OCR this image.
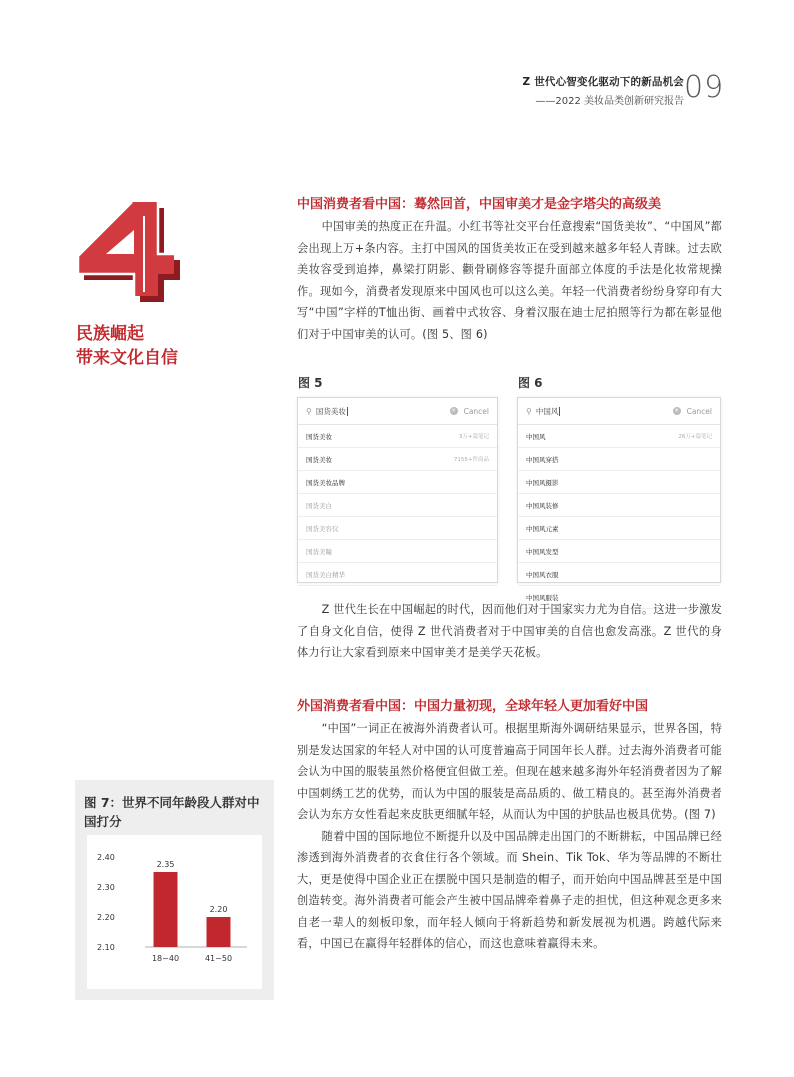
Z 世代心智变化驱动下的新品机会
——2022 美妆品类创新研究报告 09
民族崛起
带来文化自信
中国消费者看中国：蓦然回首，中国审美才是金字塔尖的高级美

中国审美的热度正在升温。小红书等社交平台任意搜索“国货美妆”、“中国风”都会出现上万+条内容。主打中国风的国货美妆正在受到越来越多年轻人青睐。过去欧美妆容受到追捧，鼻梁打阴影、颧骨刷修容等提升面部立体度的手法是化妆常规操作。现如今，消费者发现原来中国风也可以这么美。年轻一代消费者纷纷身穿印有大写“中国”字样的T恤出街、画着中式妆容、身着汉服在迪士尼拍照等行为都在彰显他们对于中国审美的认可。(图 5、图 6)

图 5
⚲ 国货美妆	× Cancel
国货美妆	3万+篇笔记
国货美妆	7155+件商品
国货美妆品牌
国货美白
国货美容仪
国货美瞳
国货美白精华
图 6
⚲ 中国风	× Cancel
中国风	26万+篇笔记
中国风穿搭
中国风摄影
中国风装修
中国风元素
中国风发型
中国风衣服
中国风服装

Z 世代生长在中国崛起的时代，因而他们对于国家实力尤为自信。这进一步激发了自身文化自信，使得 Z 世代消费者对于中国审美的自信也愈发高涨。Z 世代的身体力行让大家看到原来中国审美才是美学天花板。

外国消费者看中国：中国力量初现，全球年轻人更加看好中国

“中国”一词正在被海外消费者认可。根据里斯海外调研结果显示，世界各国，特别是发达国家的年轻人对中国的认可度普遍高于同国年长人群。过去海外消费者可能会认为中国的服装虽然价格便宜但做工差。但现在越来越多海外年轻消费者因为了解中国刺绣工艺的优势，而认为中国的服装是高品质的、做工精良的。甚至海外消费者会认为东方女性看起来皮肤更细腻年轻，从而认为中国的护肤品也极具优势。(图 7)

随着中国的国际地位不断提升以及中国品牌走出国门的不断耕耘，中国品牌已经渗透到海外消费者的衣食住行各个领域。而 Shein、Tik Tok、华为等品牌的不断壮大，更是使得中国企业正在摆脱中国只是制造的帽子，而开始向中国品牌甚至是中国创造转变。海外消费者可能会产生被中国品牌牵着鼻子走的担忧，但这种观念更多来自老一辈人的刻板印象，而年轻人倾向于将新趋势和新发展视为机遇。跨越代际来看，中国已在赢得年轻群体的信心，而这也意味着赢得未来。

图 7：世界不同年龄段人群对中国打分
2.40
2.30
2.20
2.10
2.35
18~40
2.20
41~50
